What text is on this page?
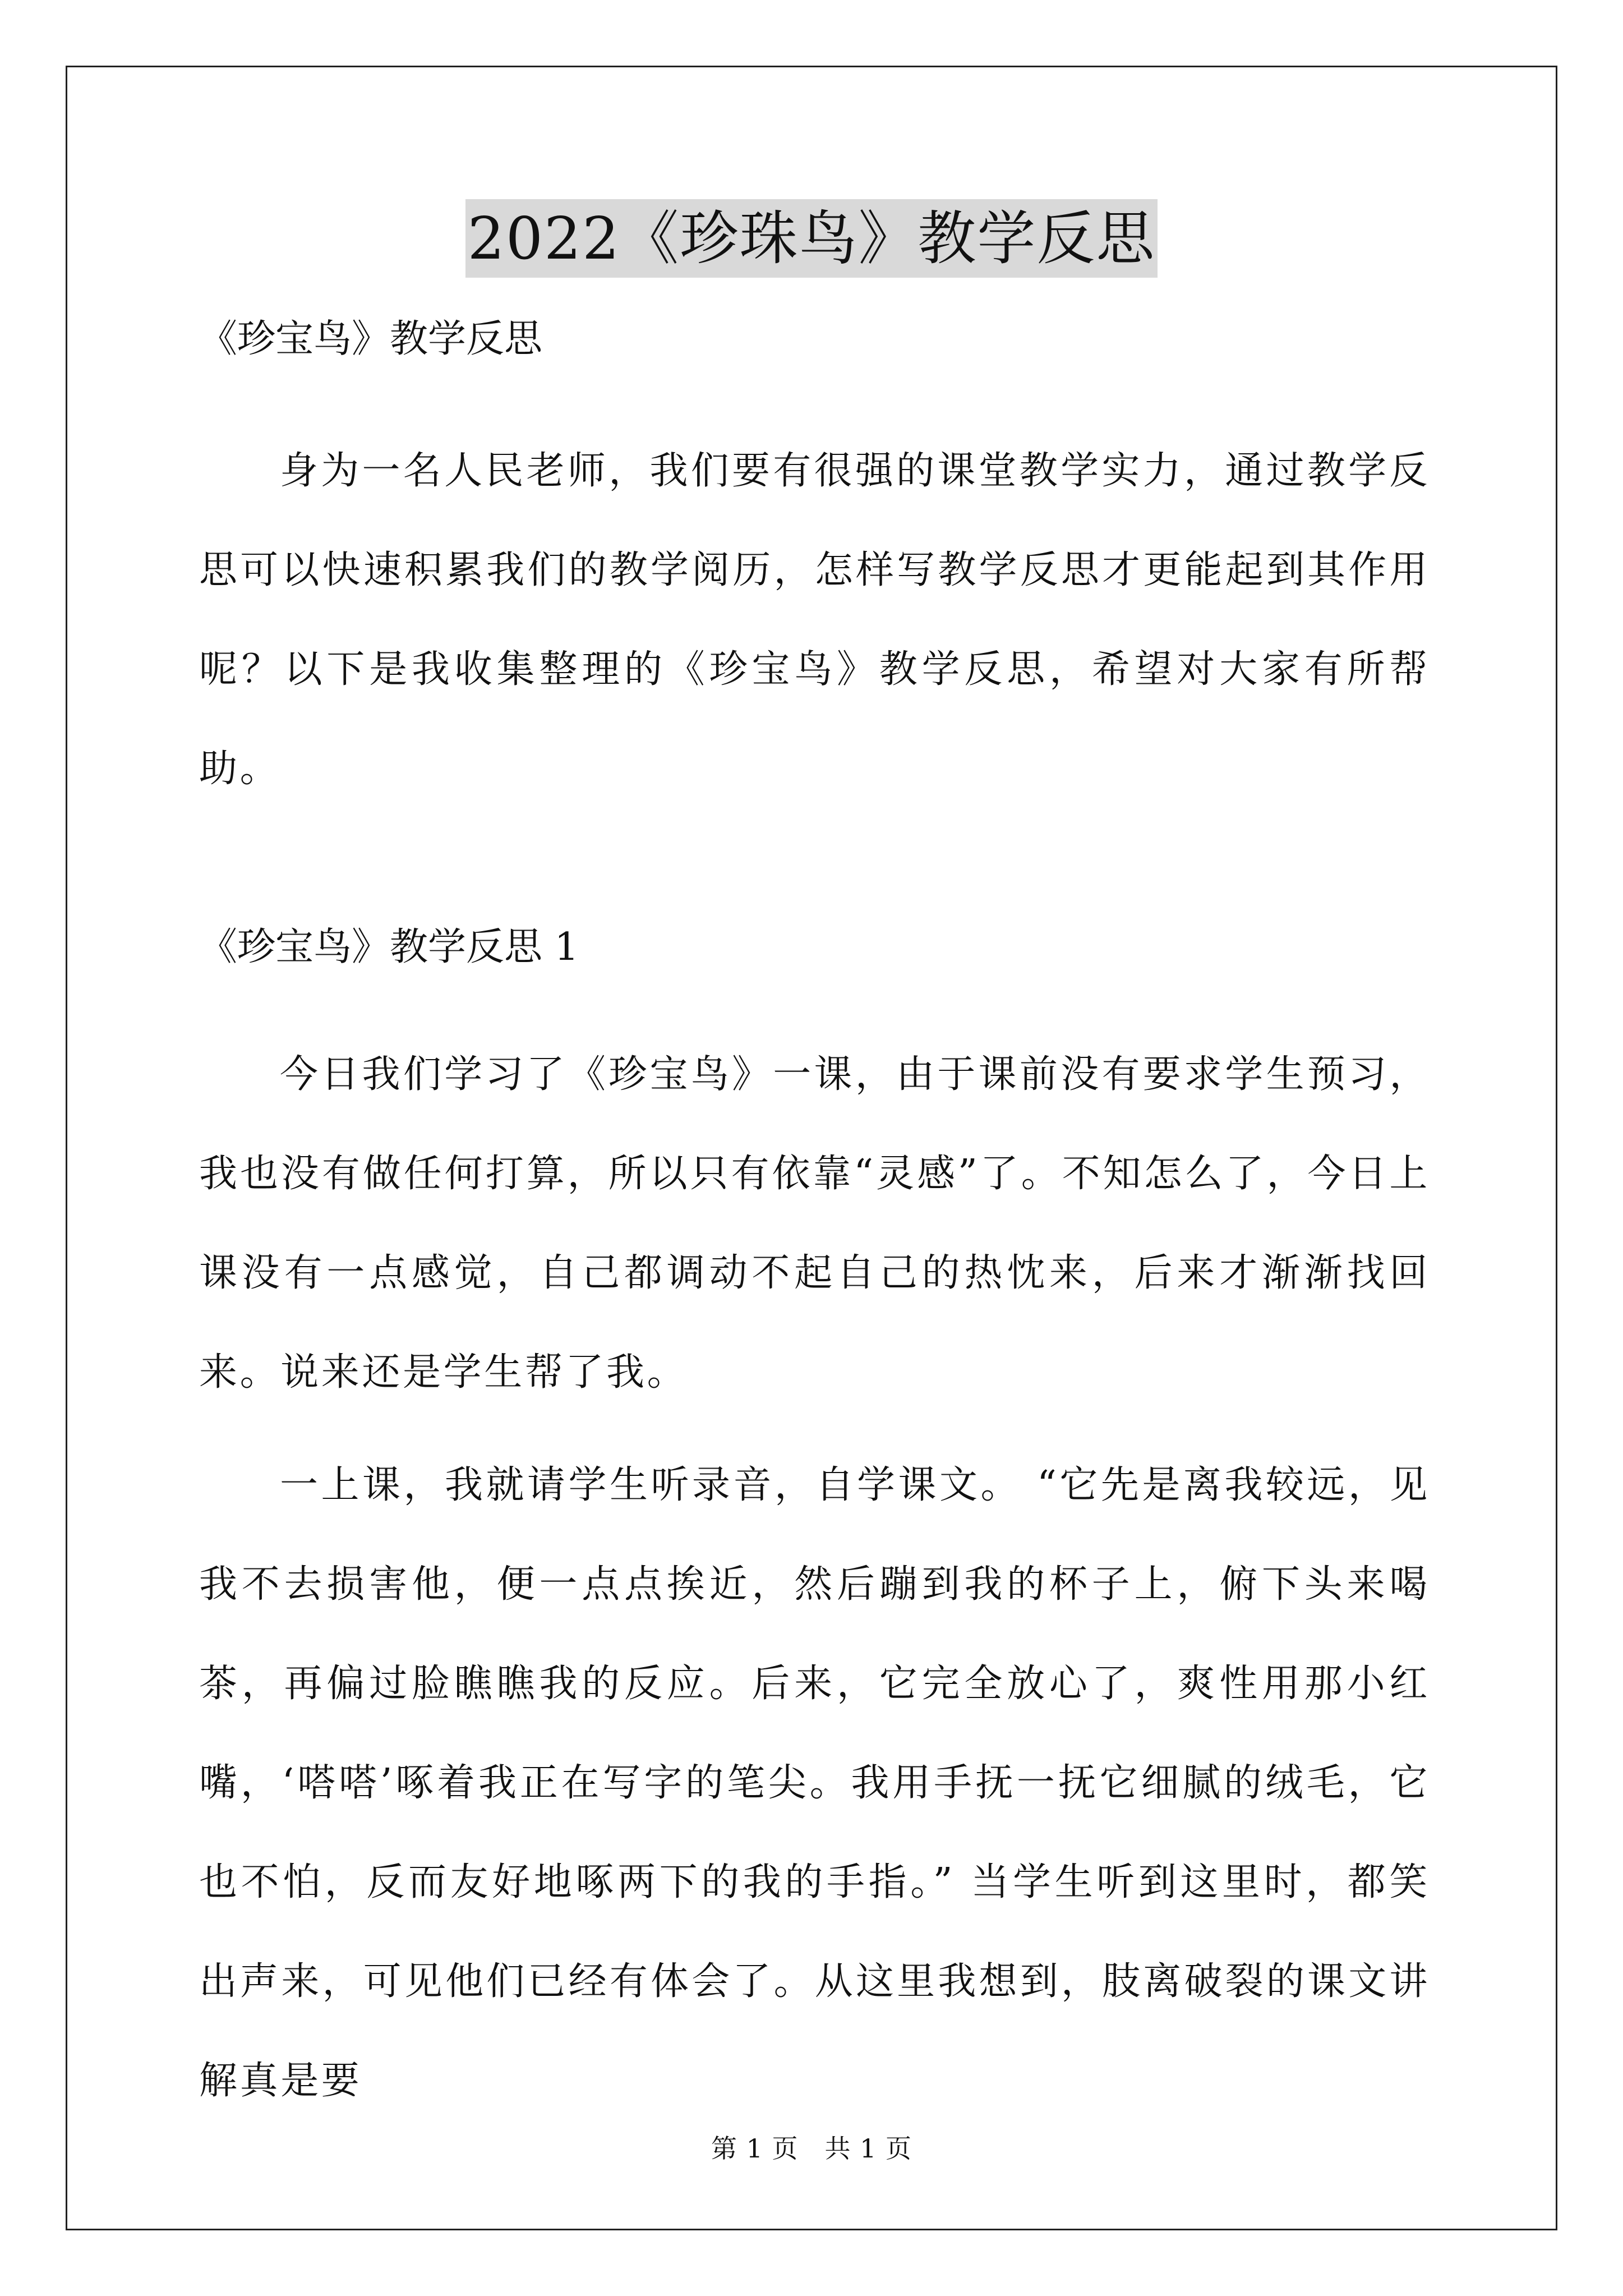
2022《珍珠鸟》教学反思

《珍宝鸟》教学反思

身为一名人民老师，我们要有很强的课堂教学实力，通过教学反思可以快速积累我们的教学阅历，怎样写教学反思才更能起到其作用呢？以下是我收集整理的《珍宝鸟》教学反思，希望对大家有所帮助。

《珍宝鸟》教学反思 1

今日我们学习了《珍宝鸟》一课，由于课前没有要求学生预习，我也没有做任何打算，所以只有依靠“灵感”了。不知怎么了，今日上课没有一点感觉，自己都调动不起自己的热忱来，后来才渐渐找回来。说来还是学生帮了我。

一上课，我就请学生听录音，自学课文。 “它先是离我较远，见我不去损害他，便一点点挨近，然后蹦到我的杯子上，俯下头来喝茶，再偏过脸瞧瞧我的反应。后来，它完全放心了，爽性用那小红嘴，‘嗒嗒’啄着我正在写字的笔尖。我用手抚一抚它细腻的绒毛，它也不怕，反而友好地啄两下的我的手指。” 当学生听到这里时，都笑出声来，可见他们已经有体会了。从这里我想到，肢离破裂的课文讲解真是要

第 1 页　共 1 页
